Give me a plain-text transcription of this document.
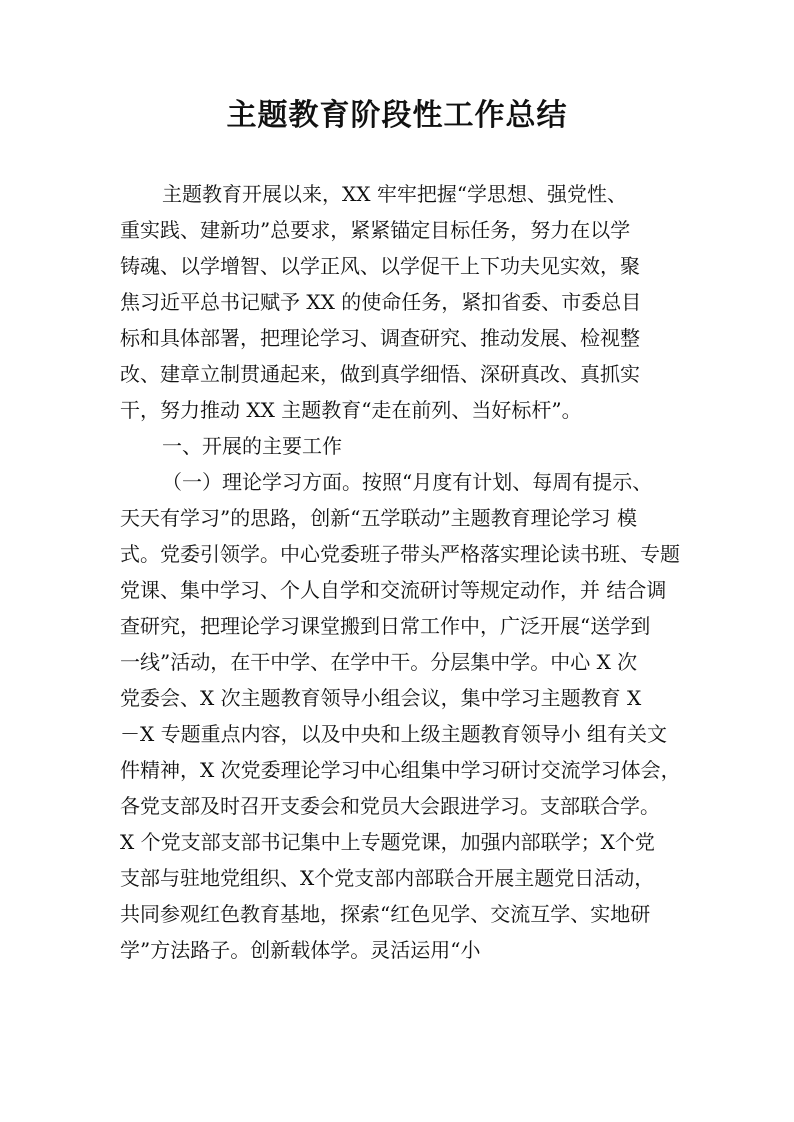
主题教育阶段性工作总结
主题教育开展以来，XX 牢牢把握“学思想、强党性、
重实践、建新功”总要求，紧紧锚定目标任务，努力在以学
铸魂、以学增智、以学正风、以学促干上下功夫见实效，聚
焦习近平总书记赋予 XX 的使命任务，紧扣省委、市委总目
标和具体部署，把理论学习、调查研究、推动发展、检视整
改、建章立制贯通起来，做到真学细悟、深研真改、真抓实
干，努力推动 XX 主题教育“走在前列、当好标杆”。
一、开展的主要工作
（一）理论学习方面。按照“月度有计划、每周有提示、
天天有学习”的思路，创新“五学联动”主题教育理论学习 模
式。党委引领学。中心党委班子带头严格落实理论读书班、专题
党课、集中学习、个人自学和交流研讨等规定动作，并 结合调
查研究，把理论学习课堂搬到日常工作中，广泛开展“送学到
一线”活动，在干中学、在学中干。分层集中学。中心 X 次
党委会、X 次主题教育领导小组会议，集中学习主题教育 X
－X 专题重点内容，以及中央和上级主题教育领导小 组有关文
件精神，X 次党委理论学习中心组集中学习研讨交流学习体会，
各党支部及时召开支委会和党员大会跟进学习。支部联合学。
X 个党支部支部书记集中上专题党课，加强内部联学；X个党
支部与驻地党组织、X个党支部内部联合开展主题党日活动，
共同参观红色教育基地，探索“红色见学、交流互学、实地研
学”方法路子。创新载体学。灵活运用“小
